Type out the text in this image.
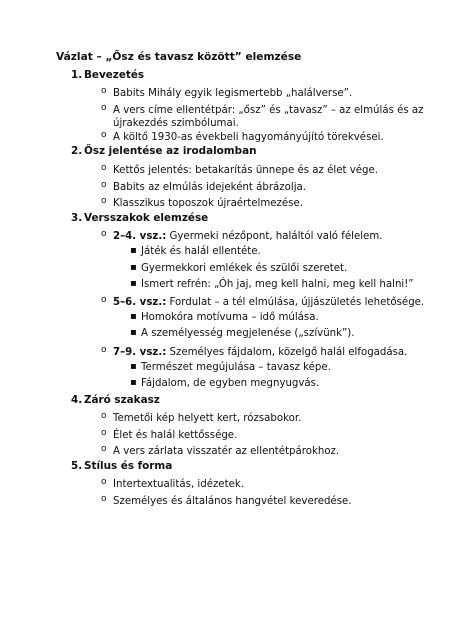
Vázlat – „Ősz és tavasz között” elemzése
1. Bevezetés
o Babits Mihály egyik legismertebb „halálverse”.
o A vers címe ellentétpár: „ősz” és „tavasz” – az elmúlás és az
újrakezdés szimbólumai.
o A költő 1930-as évekbeli hagyományújító törekvései.
2. Ősz jelentése az irodalomban
o Kettős jelentés: betakarítás ünnepe és az élet vége.
o Babits az elmúlás idejeként ábrázolja.
o Klasszikus toposzok újraértelmezése.
3. Versszakok elemzése
o 2–4. vsz.: Gyermeki nézőpont, haláltól való félelem.
▪ Játék és halál ellentéte.
▪ Gyermekkori emlékek és szülői szeretet.
▪ Ismert refrén: „Óh jaj, meg kell halni, meg kell halni!”
o 5–6. vsz.: Fordulat – a tél elmúlása, újjászületés lehetősége.
▪ Homokóra motívuma – idő múlása.
▪ A személyesség megjelenése („szívünk”).
o 7–9. vsz.: Személyes fájdalom, közelgő halál elfogadása.
▪ Természet megújulása – tavasz képe.
▪ Fájdalom, de egyben megnyugvás.
4. Záró szakasz
o Temetői kép helyett kert, rózsabokor.
o Élet és halál kettőssége.
o A vers zárlata visszatér az ellentétpárokhoz.
5. Stílus és forma
o Intertextualitás, idézetek.
o Személyes és általános hangvétel keveredése.
